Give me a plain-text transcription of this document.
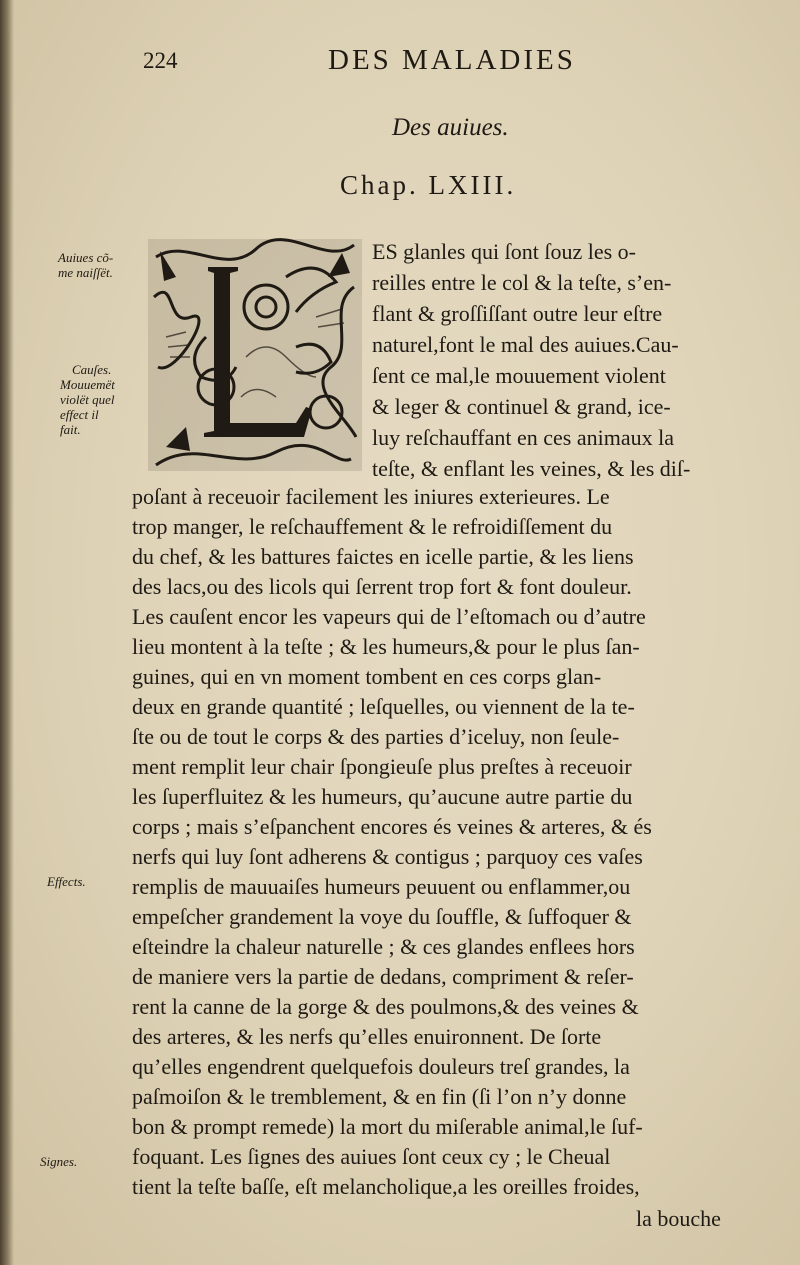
224	DES MALADIES
Des auiues.
Chap. LXIII.
Auiues cõ-
me naiſſët.
Cauſes.
Mouuemët
violët quel
effect il
fait.
Effects.
Signes.
ES glanles qui ſont ſouz les o-
reilles entre le col & la teſte, s’en-
flant & groſſiſſant outre leur eſtre
naturel,font le mal des auiues.Cau-
ſent ce mal,le mouuement violent
& leger & continuel & grand, ice-
luy reſchauffant en ces animaux la
teſte, & enflant les veines, & les diſ-
poſant à receuoir facilement les iniures exterieures. Le
trop manger, le reſchauffement & le refroidiſſement du
du chef, & les battures faictes en icelle partie, & les liens
des lacs,ou des licols qui ſerrent trop fort & font douleur.
Les cauſent encor les vapeurs qui de l’eſtomach ou d’autre
lieu montent à la teſte ; & les humeurs,& pour le plus ſan-
guines, qui en vn moment tombent en ces corps glan-
deux en grande quantité ; leſquelles, ou viennent de la te-
ſte ou de tout le corps & des parties d’iceluy, non ſeule-
ment remplit leur chair ſpongieuſe plus preſtes à receuoir
les ſuperfluitez & les humeurs, qu’aucune autre partie du
corps ; mais s’eſpanchent encores és veines & arteres, & és
nerfs qui luy ſont adherens & contigus ; parquoy ces vaſes
remplis de mauuaiſes humeurs peuuent ou enflammer,ou
empeſcher grandement la voye du ſouffle, & ſuffoquer &
eſteindre la chaleur naturelle ; & ces glandes enflees hors
de maniere vers la partie de dedans, compriment & reſer-
rent la canne de la gorge & des poulmons,& des veines &
des arteres, & les nerfs qu’elles enuironnent. De ſorte
qu’elles engendrent quelquefois douleurs treſ grandes, la
paſmoiſon & le tremblement, & en fin (ſi l’on n’y donne
bon & prompt remede) la mort du miſerable animal,le ſuf-
foquant. Les ſignes des auiues ſont ceux cy ; le Cheual
tient la teſte baſſe, eſt melancholique,a les oreilles froides,
la bouche
